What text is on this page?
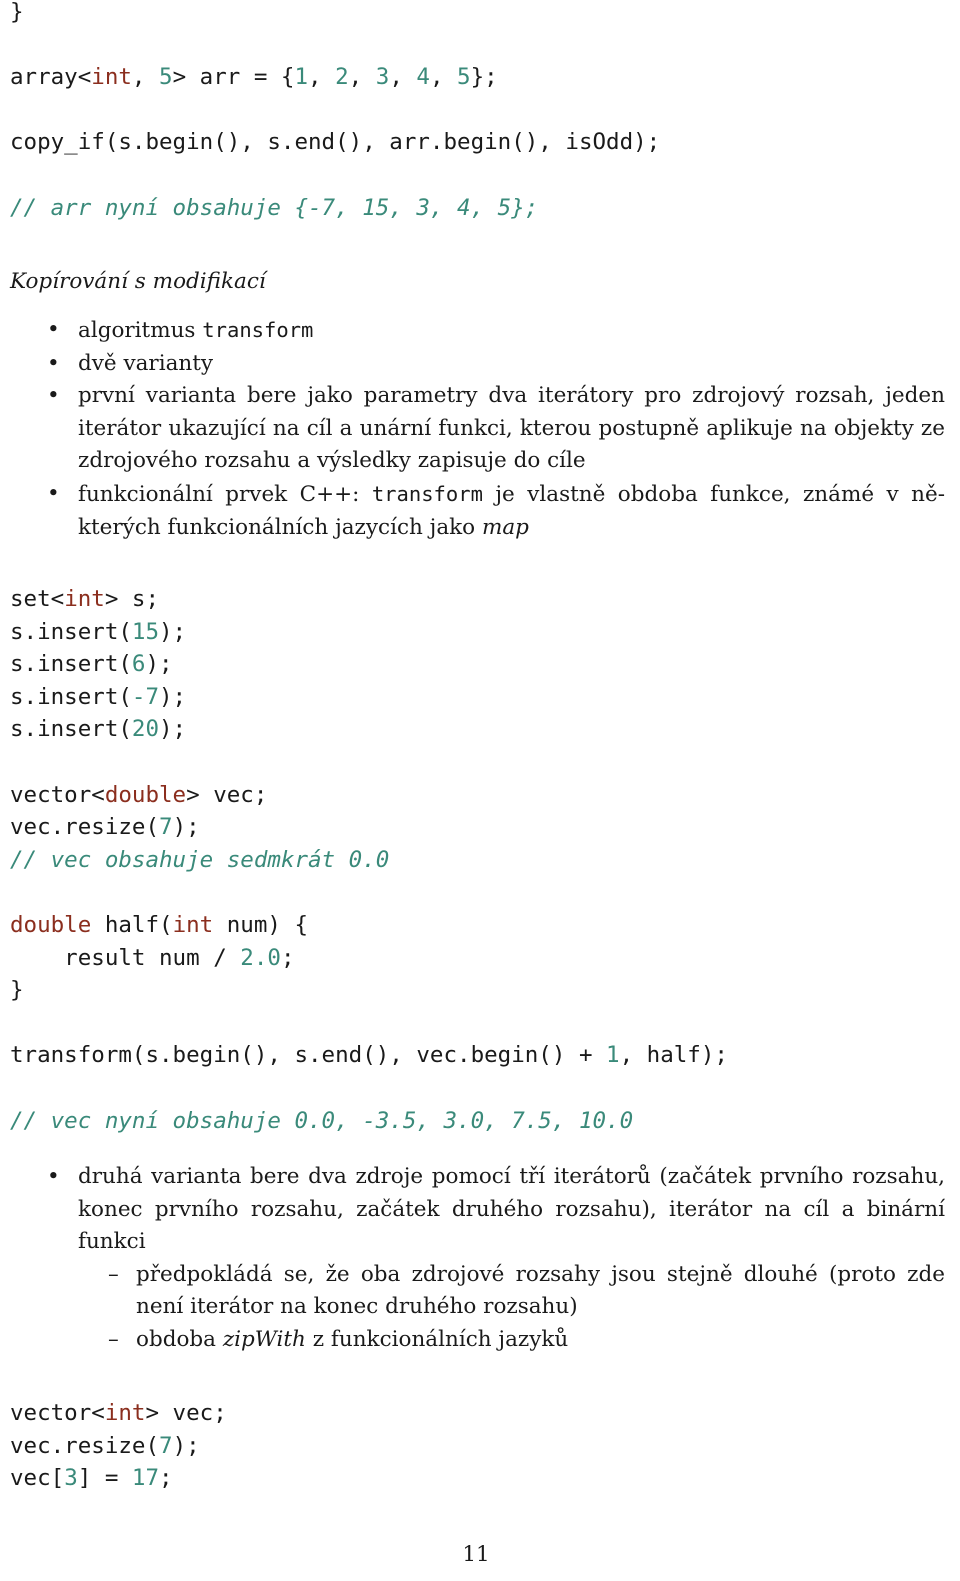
}

array<int, 5> arr = {1, 2, 3, 4, 5};

copy_if(s.begin(), s.end(), arr.begin(), isOdd);

// arr nyní obsahuje {-7, 15, 3, 4, 5};
Kopírování s modifikací
• algoritmus transform
• dvě varianty
• první varianta bere jako parametry dva iterátory pro zdrojový rozsah, jeden iterátor ukazující na cíl a unární funkci, kterou postupně aplikuje na objekty ze zdrojového rozsahu a výsledky zapisuje do cíle
• funkcionální prvek C++: transform je vlastně obdoba funkce, známé v některých funkcionálních jazycích jako map
set<int> s;
s.insert(15);
s.insert(6);
s.insert(-7);
s.insert(20);

vector<double> vec;
vec.resize(7);
// vec obsahuje sedmkrát 0.0

double half(int num) {
result num / 2.0;
}

transform(s.begin(), s.end(), vec.begin() + 1, half);

// vec nyní obsahuje 0.0, -3.5, 3.0, 7.5, 10.0
• druhá varianta bere dva zdroje pomocí tří iterátorů (začátek prvního rozsahu, konec prvního rozsahu, začátek druhého rozsahu), iterátor na cíl a binární funkci
– předpokládá se, že oba zdrojové rozsahy jsou stejně dlouhé (proto zde není iterátor na konec druhého rozsahu)
– obdoba zipWith z funkcionálních jazyků
vector<int> vec;
vec.resize(7);
vec[3] = 17;
11
